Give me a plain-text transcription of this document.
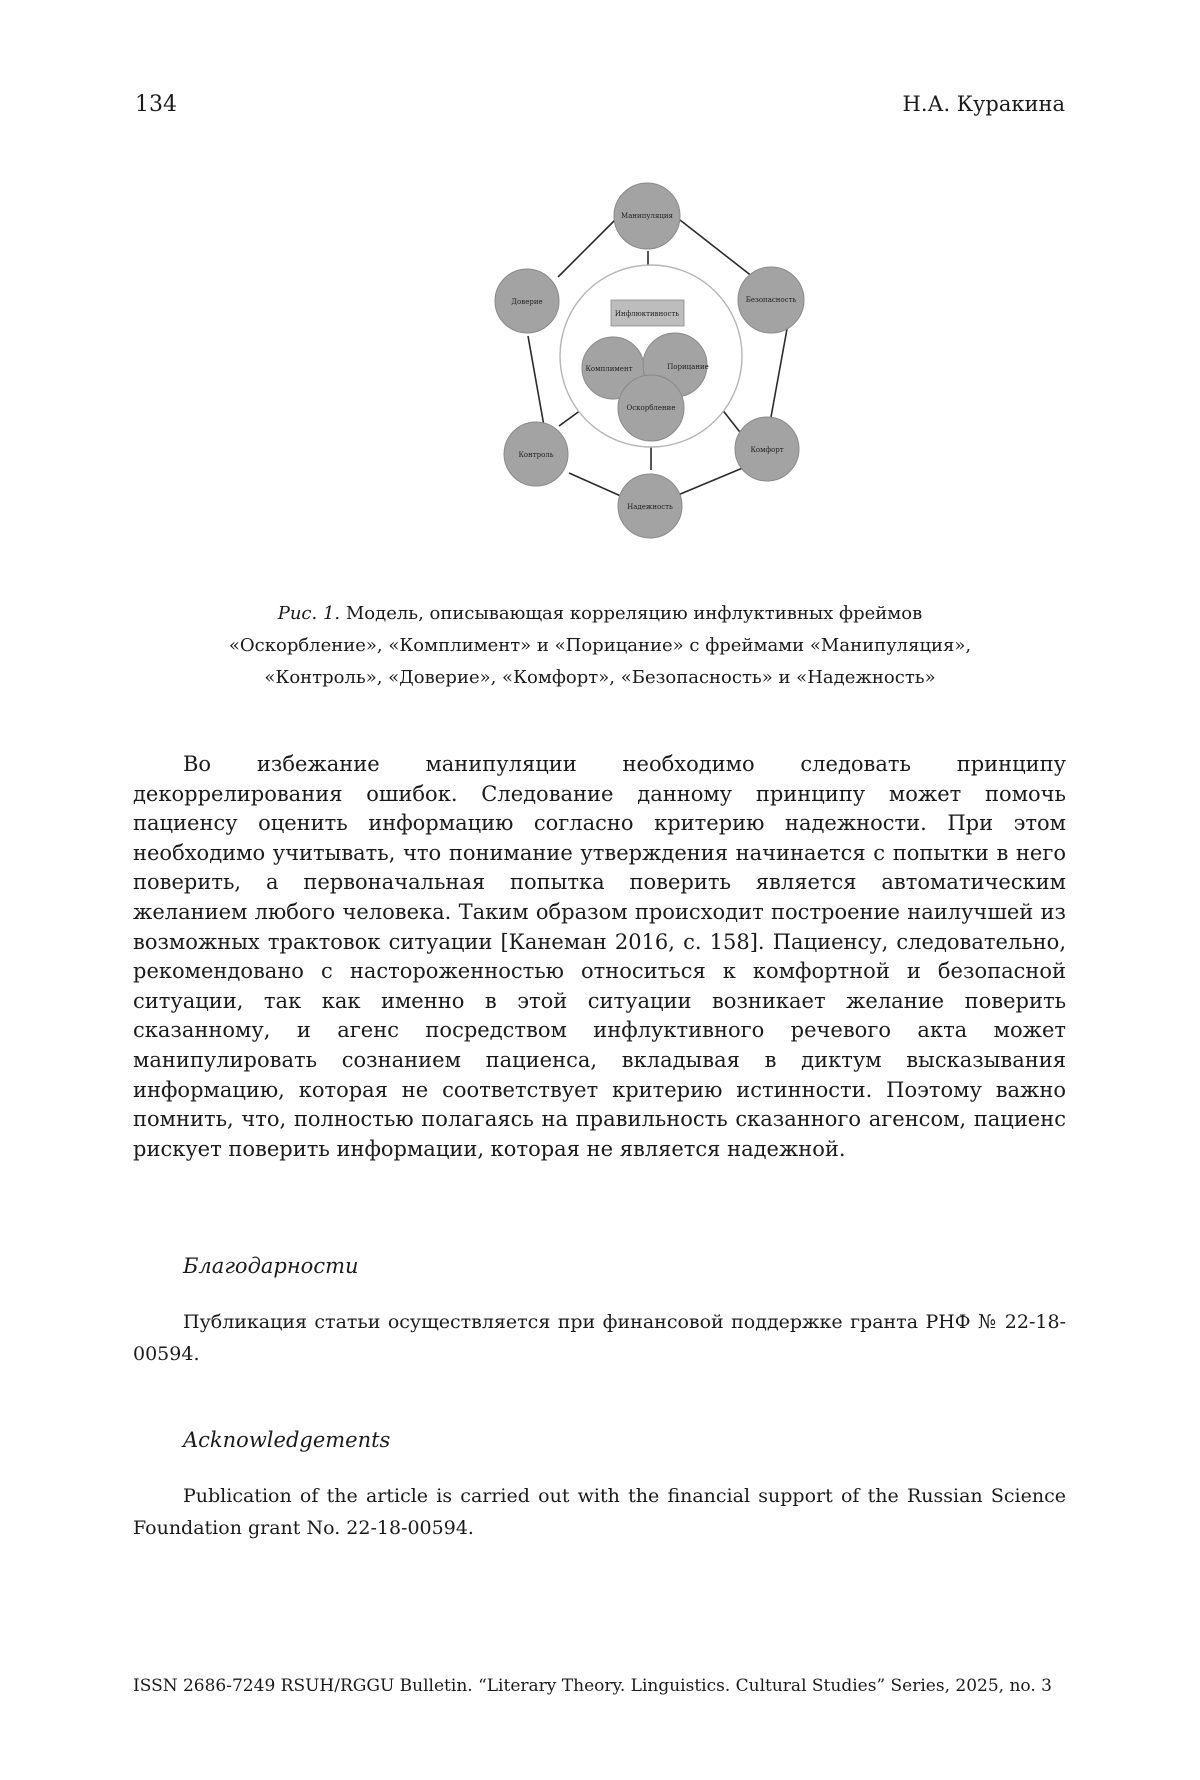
134	Н.А. Куракина
Инфлюктивность
Комплимент	Порицание
Оскорбление
Манипуляция
Безопасность
Комфорт
Надежность
Контроль
Доверие

Рис. 1. Модель, описывающая корреляцию инфлуктивных фреймов

«Оскорбление», «Комплимент» и «Порицание» с фреймами «Манипуляция»,

«Контроль», «Доверие», «Комфорт», «Безопасность» и «Надежность»

Во избежание манипуляции необходимо следовать принципу декоррелирования ошибок. Следование данному принципу может помочь пациенсу оценить информацию согласно критерию надежности. При этом необходимо учитывать, что понимание утверждения начинается с попытки в него поверить, а первоначальная попытка поверить является автоматическим желанием любого человека. Таким образом происходит построение наилучшей из возможных трактовок ситуации [Канеман 2016, с. 158]. Пациенсу, следовательно, рекомендовано с настороженностью относиться к комфортной и безопасной ситуации, так как именно в этой ситуации возникает желание поверить сказанному, и агенс посредством инфлуктивного речевого акта может манипулировать сознанием пациенса, вкладывая в диктум высказывания информацию, которая не соответствует критерию истинности. Поэтому важно помнить, что, полностью полагаясь на правильность сказанного агенсом, пациенс рискует поверить информации, которая не является надежной.

Благодарности

Публикация статьи осуществляется при финансовой поддержке гранта РНФ № 22-18-00594.

Acknowledgements

Publication of the article is carried out with the financial support of the Russian Science Foundation grant No. 22-18-00594.

ISSN 2686-7249 RSUH/RGGU Bulletin. “Literary Theory. Linguistics. Cultural Studies” Series, 2025, no. 3
